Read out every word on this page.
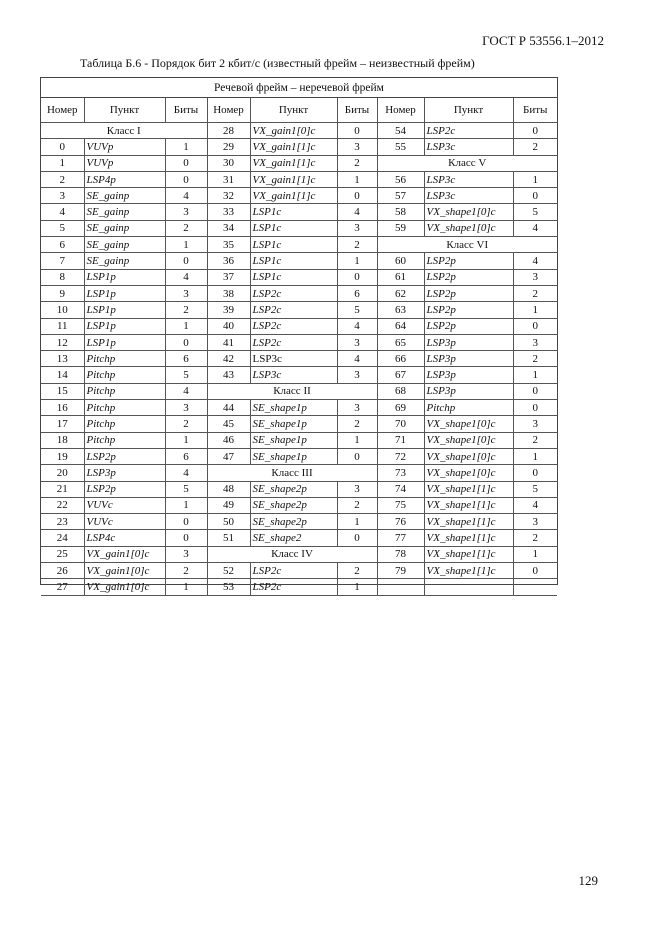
ГОСТ Р 53556.1–2012
Таблица Б.6 - Порядок бит 2 кбит/с (известный фрейм – неизвестный фрейм)
Речевой фрейм – неречевой фрейм
Номер	Пункт	Биты	Номер	Пункт	Биты	Номер	Пункт	Биты
Класс I			28	VX_gain1[0]c	0	54	LSP2c	0
0	VUVp	1	29	VX_gain1[1]c	3	55	LSP3c	2
1	VUVp	0	30	VX_gain1[1]c	2	Класс V		
2	LSP4p	0	31	VX_gain1[1]c	1	56	LSP3c	1
3	SE_gainp	4	32	VX_gain1[1]c	0	57	LSP3c	0
4	SE_gainp	3	33	LSP1c	4	58	VX_shape1[0]c	5
5	SE_gainp	2	34	LSP1c	3	59	VX_shape1[0]c	4
6	SE_gainp	1	35	LSP1c	2	Класс VI		
7	SE_gainp	0	36	LSP1c	1	60	LSP2p	4
8	LSP1p	4	37	LSP1c	0	61	LSP2p	3
9	LSP1p	3	38	LSP2c	6	62	LSP2p	2
10	LSP1p	2	39	LSP2c	5	63	LSP2p	1
11	LSP1p	1	40	LSP2c	4	64	LSP2p	0
12	LSP1p	0	41	LSP2c	3	65	LSP3p	3
13	Pitchp	6	42	LSP3c	4	66	LSP3p	2
14	Pitchp	5	43	LSP3c	3	67	LSP3p	1
15	Pitchp	4	Класс II			68	LSP3p	0
16	Pitchp	3	44	SE_shape1p	3	69	Pitchp	0
17	Pitchp	2	45	SE_shape1p	2	70	VX_shape1[0]c	3
18	Pitchp	1	46	SE_shape1p	1	71	VX_shape1[0]c	2
19	LSP2p	6	47	SE_shape1p	0	72	VX_shape1[0]c	1
20	LSP3p	4	Класс III			73	VX_shape1[0]c	0
21	LSP2p	5	48	SE_shape2p	3	74	VX_shape1[1]c	5
22	VUVc	1	49	SE_shape2p	2	75	VX_shape1[1]c	4
23	VUVc	0	50	SE_shape2p	1	76	VX_shape1[1]c	3
24	LSP4c	0	51	SE_shape2	0	77	VX_shape1[1]c	2
25	VX_gain1[0]c	3	Класс IV			78	VX_shape1[1]c	1
26	VX_gain1[0]c	2	52	LSP2c	2	79	VX_shape1[1]c	0
27	VX_gain1[0]c	1	53	LSP2c	1			
129
